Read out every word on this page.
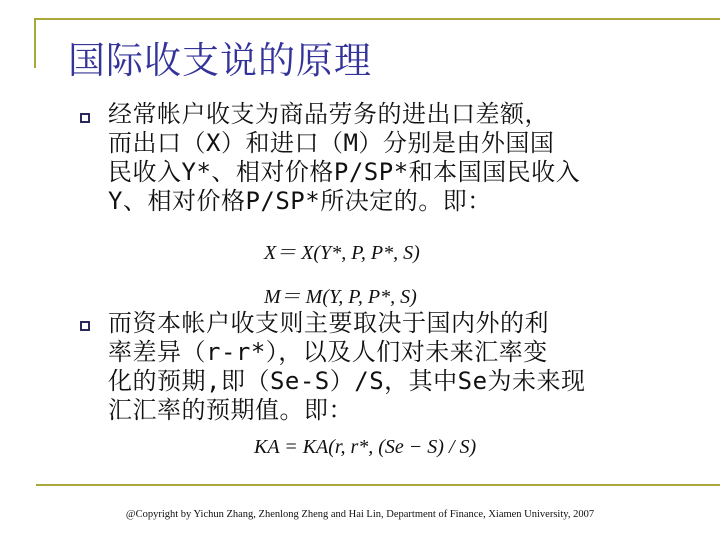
国际收支说的原理
经常帐户收支为商品劳务的进出口差额，
而出口（X）和进口（M）分别是由外国国
民收入Y*、相对价格P/SP*和本国国民收入
Y、相对价格P/SP*所决定的。即：
X＝ X(Y*, P, P*, S)
M＝ M(Y, P, P*, S)
而资本帐户收支则主要取决于国内外的利
率差异（r-r*），以及人们对未来汇率变
化的预期,即（Se-S）/S，其中Se为未来现
汇汇率的预期值。即：
KA = KA(r, r*, (Se − S) / S)
@Copyright by Yichun Zhang, Zhenlong Zheng and Hai Lin, Department of Finance, Xiamen University, 2007
